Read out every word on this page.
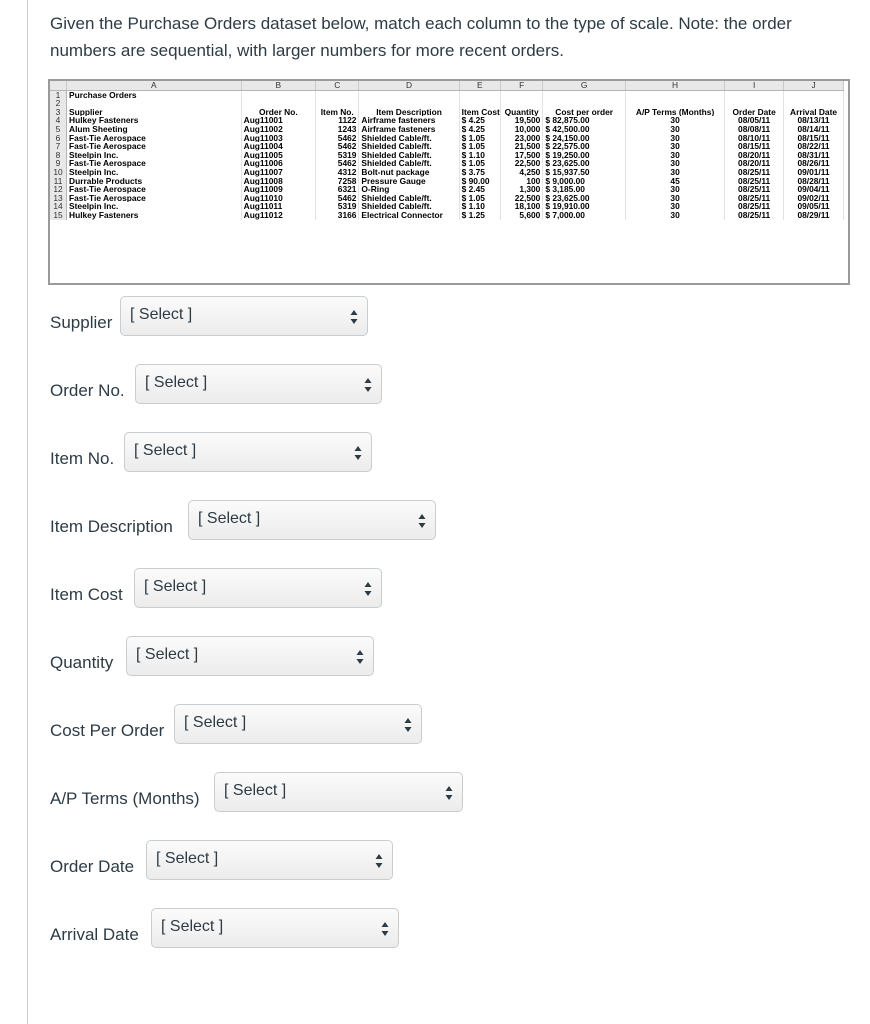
Given the Purchase Orders dataset below, match each column to the type of scale. Note: the order numbers are sequential, with larger numbers for more recent orders.
	A	B	C	D	E	F	G	H	I	J
1	Purchase Orders									
2										
3	Supplier	Order No.	Item No.	Item Description	Item Cost	Quantity	Cost per order	A/P Terms (Months)	Order Date	Arrival Date
4	Hulkey Fasteners	Aug11001	1122	Airframe fasteners	$ 4.25	19,500	$ 82,875.00	30	08/05/11	08/13/11
5	Alum Sheeting	Aug11002	1243	Airframe fasteners	$ 4.25	10,000	$ 42,500.00	30	08/08/11	08/14/11
6	Fast-Tie Aerospace	Aug11003	5462	Shielded Cable/ft.	$ 1.05	23,000	$ 24,150.00	30	08/10/11	08/15/11
7	Fast-Tie Aerospace	Aug11004	5462	Shielded Cable/ft.	$ 1.05	21,500	$ 22,575.00	30	08/15/11	08/22/11
8	Steelpin Inc.	Aug11005	5319	Shielded Cable/ft.	$ 1.10	17,500	$ 19,250.00	30	08/20/11	08/31/11
9	Fast-Tie Aerospace	Aug11006	5462	Shielded Cable/ft.	$ 1.05	22,500	$ 23,625.00	30	08/20/11	08/26/11
10	Steelpin Inc.	Aug11007	4312	Bolt-nut package	$ 3.75	4,250	$ 15,937.50	30	08/25/11	09/01/11
11	Durrable Products	Aug11008	7258	Pressure Gauge	$ 90.00	100	$ 9,000.00	45	08/25/11	08/28/11
12	Fast-Tie Aerospace	Aug11009	6321	O-Ring	$ 2.45	1,300	$ 3,185.00	30	08/25/11	09/04/11
13	Fast-Tie Aerospace	Aug11010	5462	Shielded Cable/ft.	$ 1.05	22,500	$ 23,625.00	30	08/25/11	09/02/11
14	Steelpin Inc.	Aug11011	5319	Shielded Cable/ft.	$ 1.10	18,100	$ 19,910.00	30	08/25/11	09/05/11
15	Hulkey Fasteners	Aug11012	3166	Electrical Connector	$ 1.25	5,600	$ 7,000.00	30	08/25/11	08/29/11
Supplier [ Select ]
Order No. [ Select ]
Item No. [ Select ]
Item Description [ Select ]
Item Cost [ Select ]
Quantity [ Select ]
Cost Per Order [ Select ]
A/P Terms (Months) [ Select ]
Order Date [ Select ]
Arrival Date [ Select ]
